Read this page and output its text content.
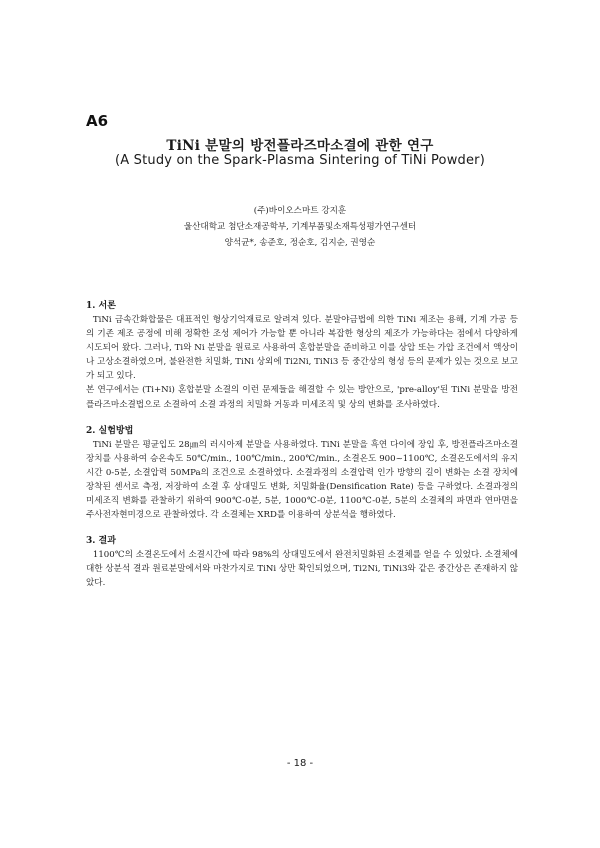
A6
TiNi 분말의 방전플라즈마소결에 관한 연구
(A Study on the Spark-Plasma Sintering of TiNi Powder)
(주)바이오스마트 강지훈
울산대학교 첨단소재공학부, 기계부품및소재특성평가연구센터
양석균*, 송준호, 정순호, 김지순, 권영순
1. 서론

TiNi 금속간화합물은 대표적인 형상기억재료로 알려져 있다. 분말야금법에 의한 TiNi 제조는 용해, 기계 가공 등의 기존 제조 공정에 비해 정확한 조성 제어가 가능할 뿐 아니라 복잡한 형상의 제조가 가능하다는 점에서 다양하게 시도되어 왔다. 그러나, Ti와 Ni 분말을 원료로 사용하여 혼합분말을 준비하고 이를 상압 또는 가압 조건에서 액상이나 고상소결하였으며, 불완전한 치밀화, TiNi 상외에 Ti2Ni, TiNi3 등 중간상의 형성 등의 문제가 있는 것으로 보고가 되고 있다.

본 연구에서는 (Ti+Ni) 혼합분말 소결의 이런 문제들을 해결할 수 있는 방안으로, 'pre-alloy'된 TiNi 분말을 방전플라즈마소결법으로 소결하여 소결 과정의 치밀화 거동과 미세조직 및 상의 변화를 조사하였다.

2. 실험방법

TiNi 분말은 평균입도 28㎛의 러시아제 분말을 사용하였다. TiNi 분말을 흑연 다이에 장입 후, 방전플라즈마소결 장치를 사용하여 승온속도 50℃/min., 100℃/min., 200℃/min., 소결온도 900~1100℃, 소결온도에서의 유지시간 0-5분, 소결압력 50MPa의 조건으로 소결하였다. 소결과정의 소결압력 인가 방향의 길이 변화는 소결 장치에 장착된 센서로 측정, 저장하여 소결 후 상대밀도 변화, 치밀화율(Densification Rate) 등을 구하였다. 소결과정의 미세조직 변화를 관찰하기 위하여 900℃-0분, 5분, 1000℃-0분, 1100℃-0분, 5분의 소결체의 파면과 연마면을 주사전자현미경으로 관찰하였다. 각 소결체는 XRD를 이용하여 상분석을 행하였다.

3. 결과

1100℃의 소결온도에서 소결시간에 따라 98%의 상대밀도에서 완전치밀화된 소결체를 얻을 수 있었다. 소결체에 대한 상분석 결과 원료분말에서와 마찬가지로 TiNi 상만 확인되었으며, Ti2Ni, TiNi3와 같은 중간상은 존재하지 않았다.

- 18 -
